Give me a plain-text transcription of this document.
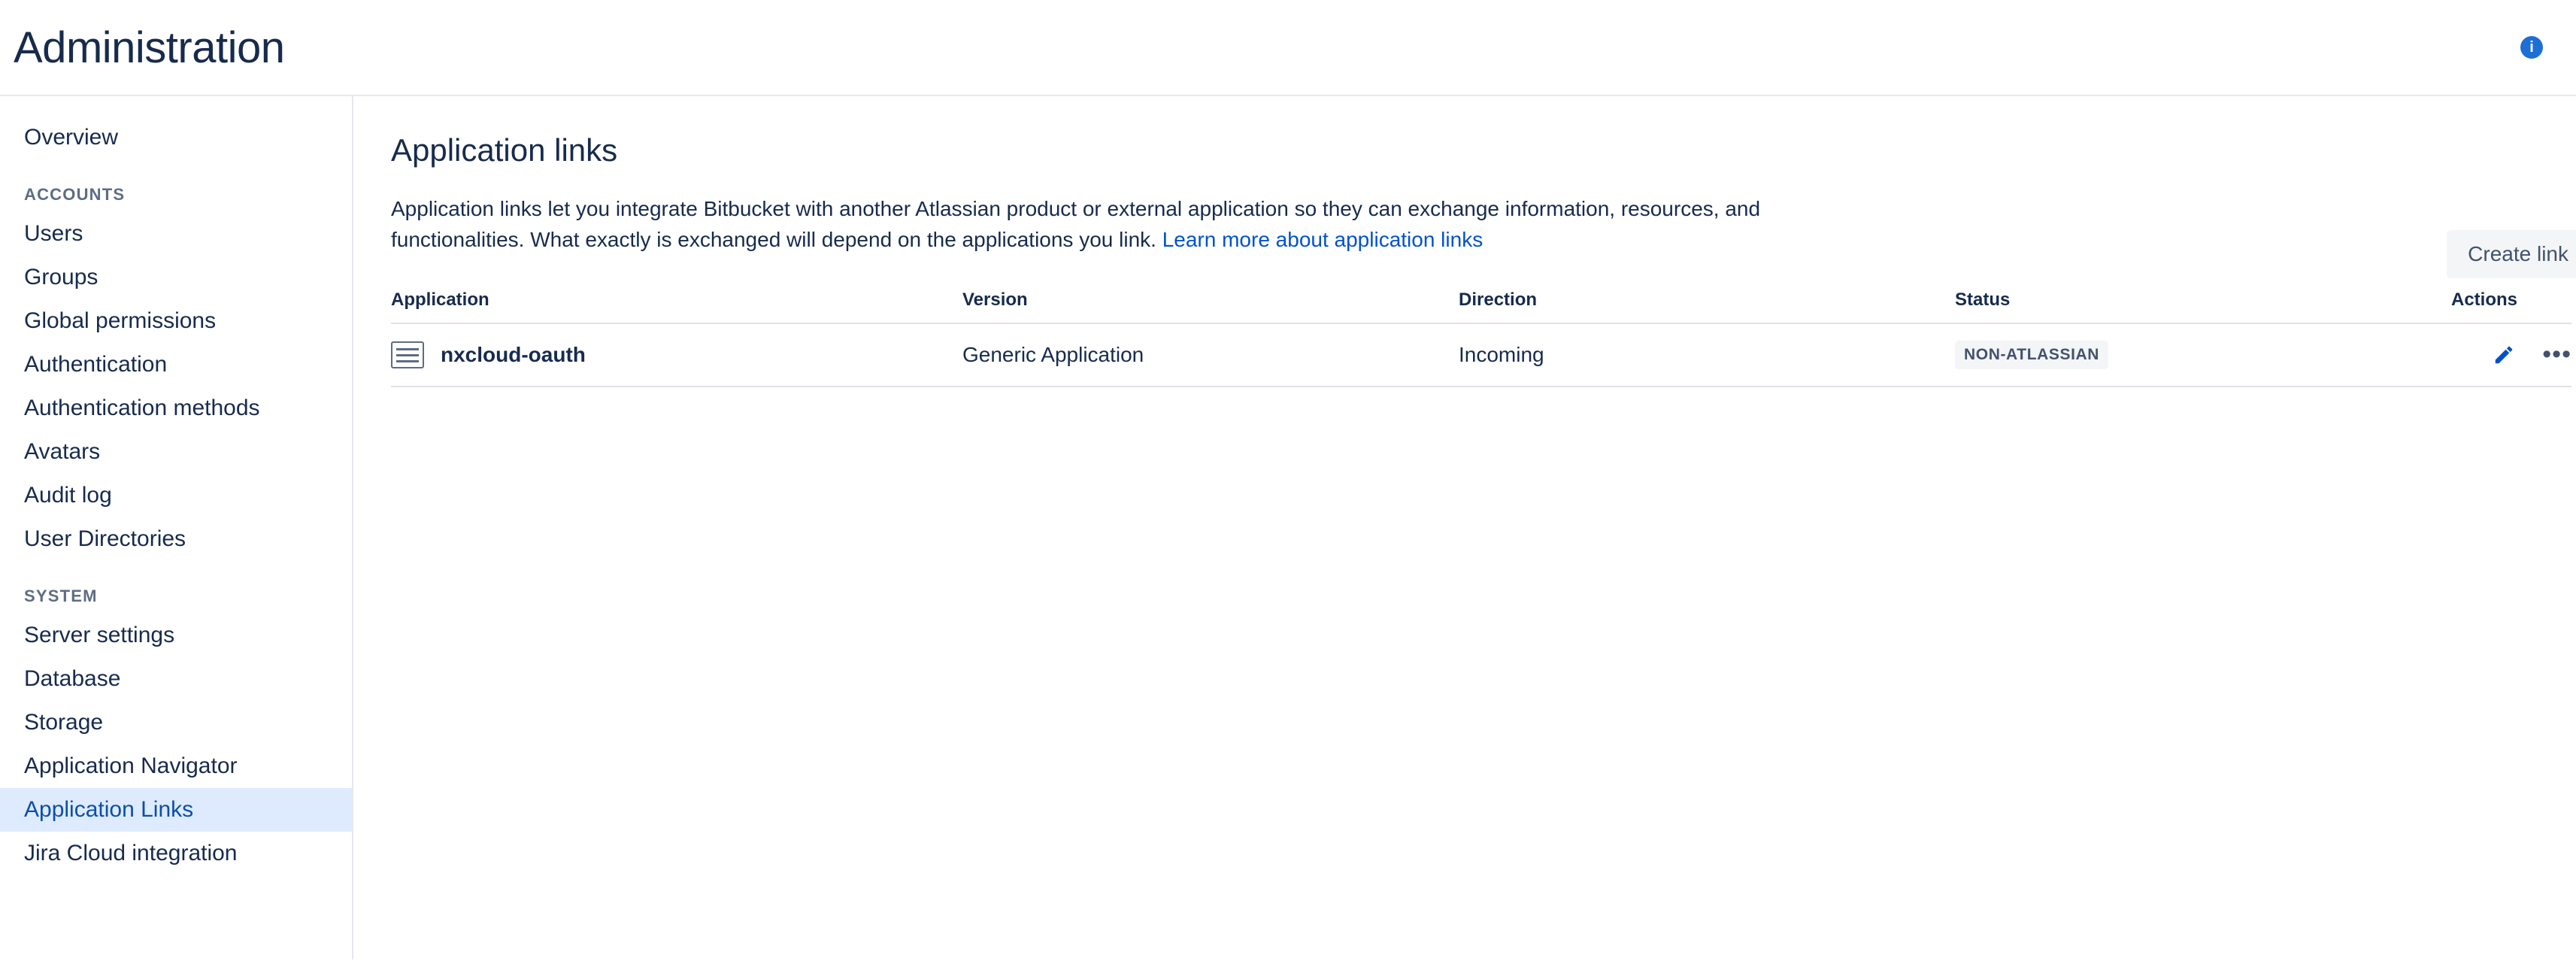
Administration	i
Overview
ACCOUNTS
Users
Groups
Global permissions
Authentication
Authentication methods
Avatars
Audit log
User Directories
SYSTEM
Server settings
Database
Storage
Application Navigator
Application Links
Jira Cloud integration
Application links
Create link

Application links let you integrate Bitbucket with another Atlassian product or external application so they can exchange information, resources, and functionalities. What exactly is exchanged will depend on the applications you link. Learn more about application links

Application	Version	Direction	Status	Actions

nxcloud-oauth	Generic Application	Incoming	NON-ATLASSIAN	•••
